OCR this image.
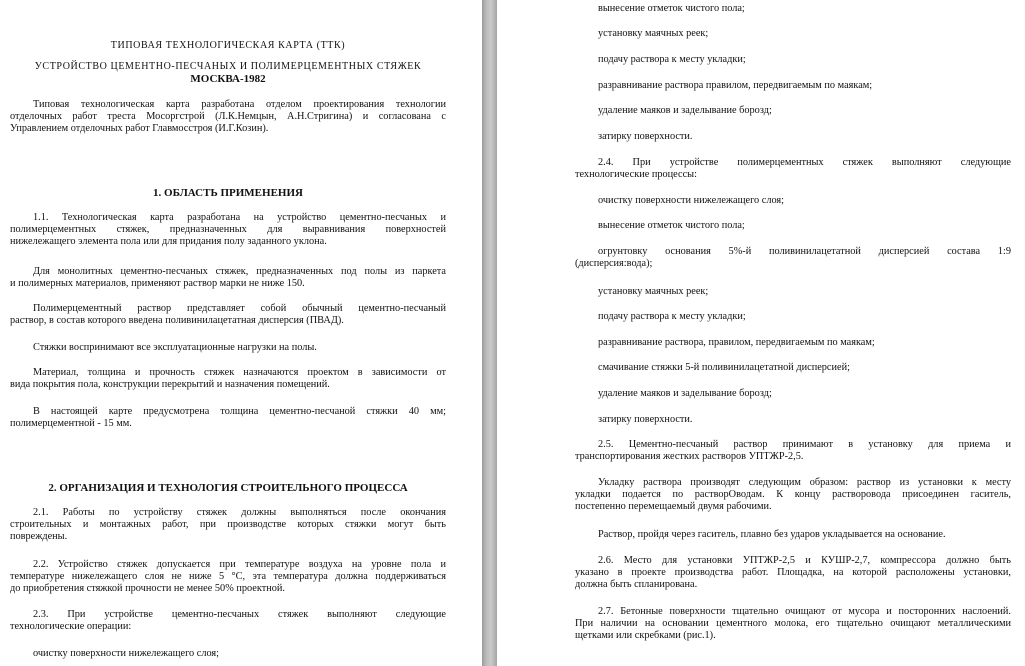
ТИПОВАЯ ТЕХНОЛОГИЧЕСКАЯ КАРТА (ТТК)
УСТРОЙСТВО ЦЕМЕНТНО-ПЕСЧАНЫХ И ПОЛИМЕРЦЕМЕНТНЫХ СТЯЖЕК
МОСКВА-1982
Типовая технологическая карта разработана отделом проектирования технологии
отделочных работ треста Мосоргстрой (Л.К.Немцын, А.Н.Стригина) и согласована с
Управлением отделочных работ Главмосстроя (И.Г.Козин).
1. ОБЛАСТЬ ПРИМЕНЕНИЯ
1.1. Технологическая карта разработана на устройство цементно-песчаных и
полимерцементных стяжек, предназначенных для выравнивания поверхностей
нижележащего элемента пола или для придания полу заданного уклона.
Для монолитных цементно-песчаных стяжек, предназначенных под полы из паркета
и полимерных материалов, применяют раствор марки не ниже 150.
Полимерцементный раствор представляет собой обычный цементно-песчаный
раствор, в состав которого введена поливинилацетатная дисперсия (ПВАД).
Стяжки воспринимают все эксплуатационные нагрузки на полы.
Материал, толщина и прочность стяжек назначаются проектом в зависимости от
вида покрытия пола, конструкции перекрытий и назначения помещений.
В настоящей карте предусмотрена толщина цементно-песчаной стяжки 40 мм;
полимерцементной - 15 мм.
2. ОРГАНИЗАЦИЯ И ТЕХНОЛОГИЯ СТРОИТЕЛЬНОГО ПРОЦЕССА
2.1. Работы по устройству стяжек должны выполняться после окончания
строительных и монтажных работ, при производстве которых стяжки могут быть
повреждены.
2.2. Устройство стяжек допускается при температуре воздуха на уровне пола и
температуре нижележащего слоя не ниже 5 °С, эта температура должна поддерживаться
до приобретения стяжкой прочности не менее 50% проектной.
2.3. При устройстве цементно-песчаных стяжек выполняют следующие
технологические операции:
очистку поверхности нижележащего слоя;
вынесение отметок чистого пола;
установку маячных реек;
подачу раствора к месту укладки;
разравнивание раствора правилом, передвигаемым по маякам;
удаление маяков и заделывание борозд;
затирку поверхности.
2.4. При устройстве полимерцементных стяжек выполняют следующие
технологические процессы:
очистку поверхности нижележащего слоя;
вынесение отметок чистого пола;
огрунтовку основания 5%-й поливинилацетатной дисперсией состава 1:9
(дисперсия:вода);
установку маячных реек;
подачу раствора к месту укладки;
разравнивание раствора, правилом, передвигаемым по маякам;
смачивание стяжки 5-й поливинилацетатной дисперсией;
удаление маяков и заделывание борозд;
затирку поверхности.
2.5. Цементно-песчаный раствор принимают в установку для приема и
транспортирования жестких растворов УПТЖР-2,5.
Укладку раствора производят следующим образом: раствор из установки к месту
укладки подается по растворОводам. К концу растворовода присоединен гаситель,
постепенно перемещаемый двумя рабочими.
Раствор, пройдя через гаситель, плавно без ударов укладывается на основание.
2.6. Место для установки УПТЖР-2,5 и КУШР-2,7, компрессора должно быть
указано в проекте производства работ. Площадка, на которой расположены установки,
должна быть спланирована.
2.7. Бетонные поверхности тщательно очищают от мусора и посторонних наслоений.
При наличии на основании цементного молока, его тщательно очищают металлическими
щетками или скребками (рис.1).
